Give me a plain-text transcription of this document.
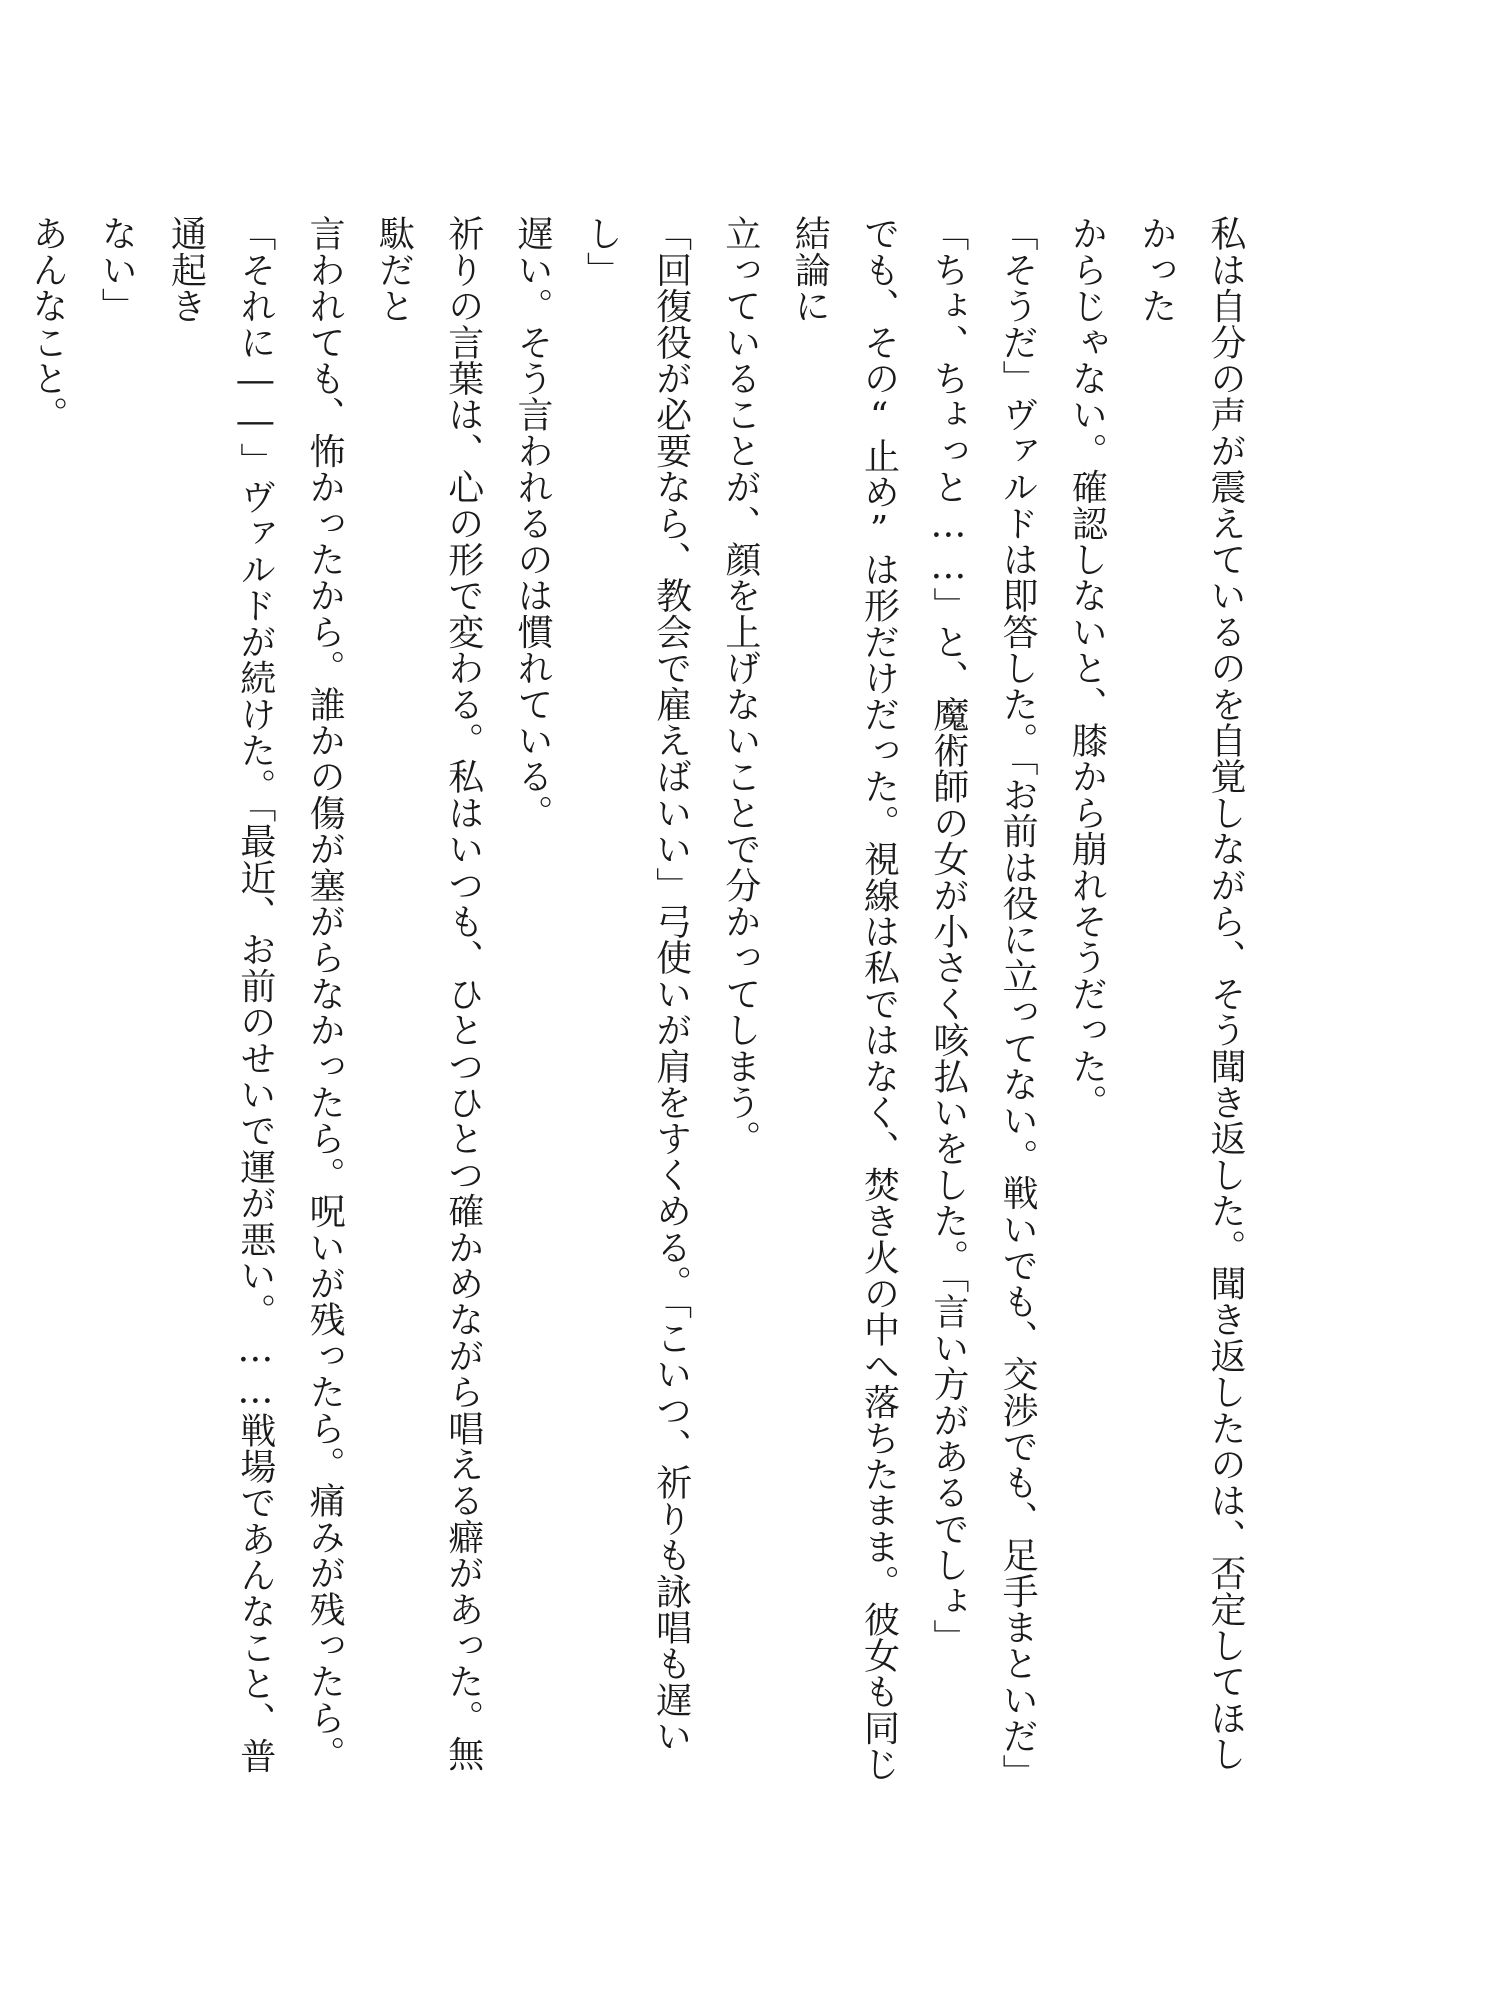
私は自分の声が震えているのを自覚しながら、そう聞き返した。聞き返したのは、否定してほしかった
からじゃない。確認しないと、膝から崩れそうだった。
「そうだ」ヴァルドは即答した。「お前は役に立ってない。戦いでも、交渉でも、足手まといだ」
「ちょ、ちょっと……」と、魔術師の女が小さく咳払いをした。「言い方があるでしょ」
でも、その“止め”は形だけだった。視線は私ではなく、焚き火の中へ落ちたまま。彼女も同じ結論に
立っていることが、顔を上げないことで分かってしまう。
「回復役が必要なら、教会で雇えばいい」弓使いが肩をすくめる。「こいつ、祈りも詠唱も遅いし」
遅い。そう言われるのは慣れている。
祈りの言葉は、心の形で変わる。私はいつも、ひとつひとつ確かめながら唱える癖があった。無駄だと
言われても、怖かったから。誰かの傷が塞がらなかったら。呪いが残ったら。痛みが残ったら。
「それに――」ヴァルドが続けた。「最近、お前のせいで運が悪い。……戦場であんなこと、普通起き
ない」
あんなこと。
